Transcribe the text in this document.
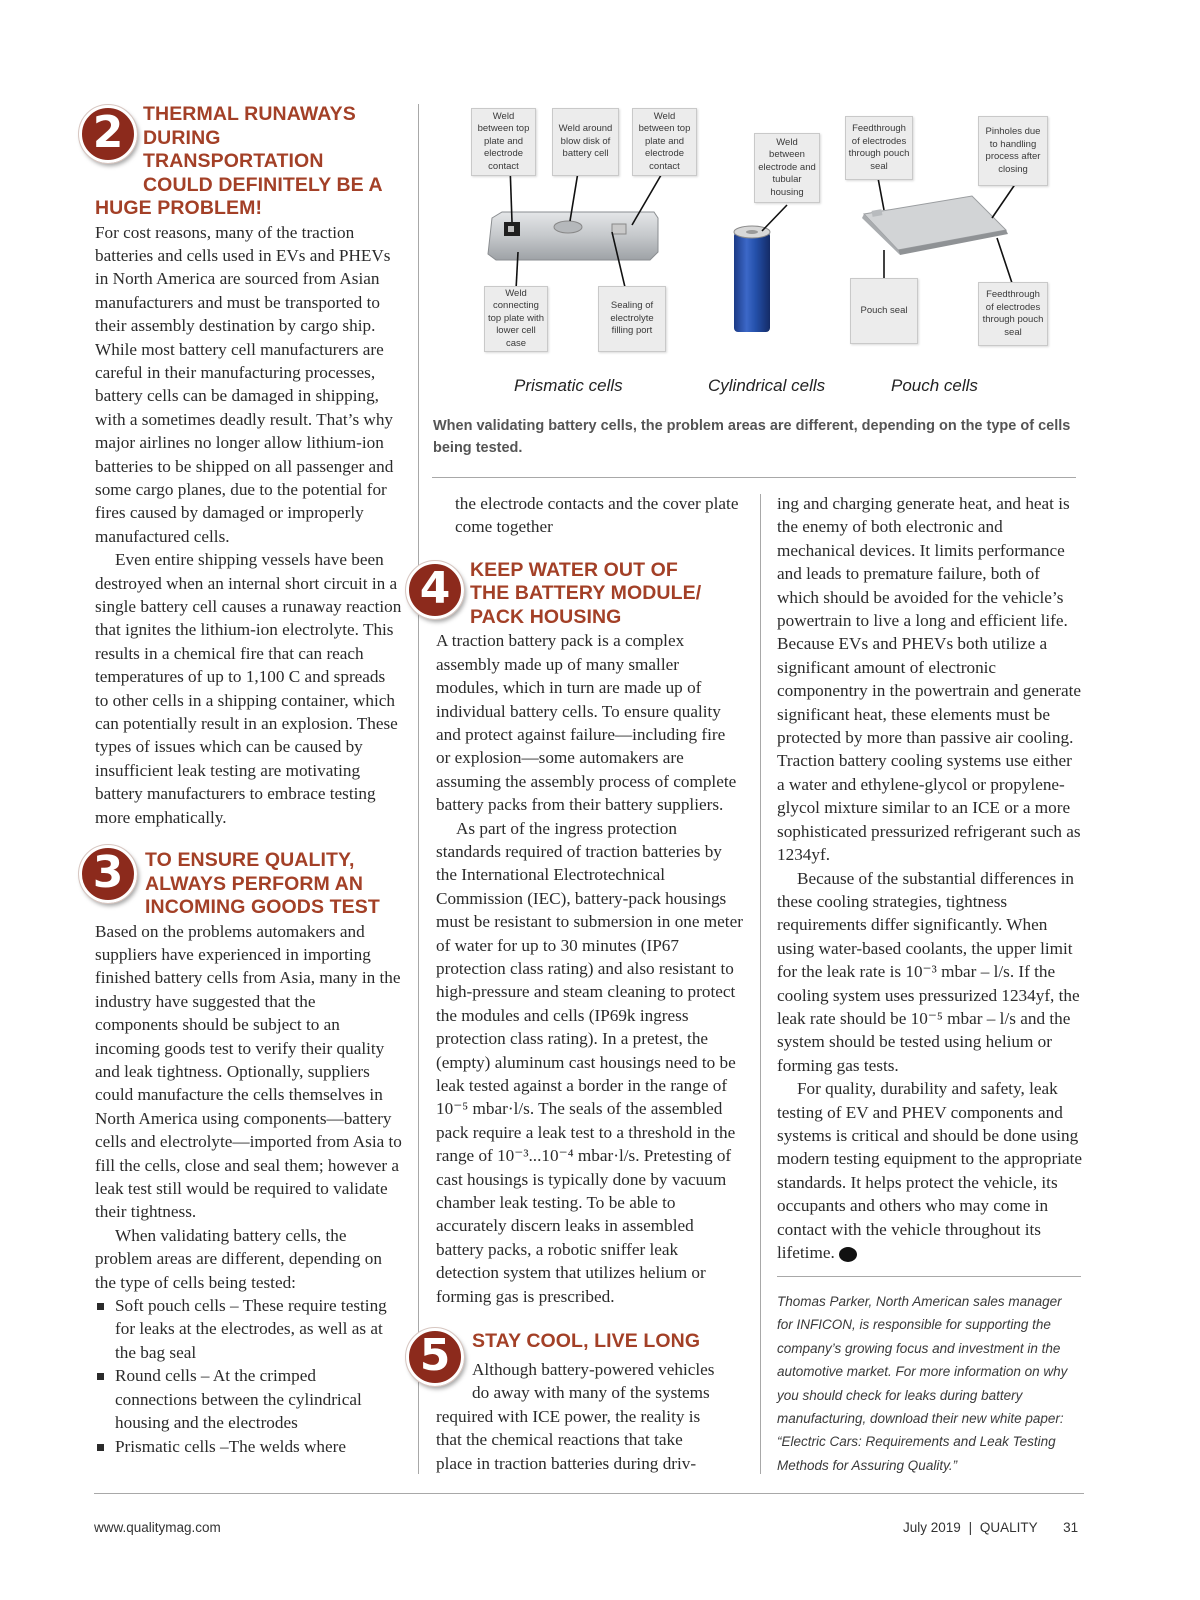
2	THERMAL RUNAWAYS
DURING TRANSPORTATION
COULD DEFINITELY BE A
HUGE PROBLEM!

For cost reasons, many of the traction batteries and cells used in EVs and PHEVs in North America are sourced from Asian manufacturers and must be transported to their assembly destination by cargo ship. While most battery cell manufacturers are careful in their manufacturing processes, battery cells can be damaged in shipping, with a sometimes deadly result. That’s why major airlines no longer allow lithium-ion batteries to be shipped on all passenger and some cargo planes, due to the potential for fires caused by damaged or improperly manufactured cells.

Even entire shipping vessels have been destroyed when an internal short circuit in a single battery cell causes a runaway reaction that ignites the lithium-ion electrolyte. This results in a chemical fire that can reach temperatures of up to 1,100 C and spreads to other cells in a shipping container, which can potentially result in an explosion. These types of issues which can be caused by insufficient leak testing are motivating battery manufacturers to embrace testing more emphatically.

3 TO ENSURE QUALITY,
ALWAYS PERFORM AN
INCOMING GOODS TEST

Based on the problems automakers and suppliers have experienced in importing finished battery cells from Asia, many in the industry have suggested that the components should be subject to an incoming goods test to verify their quality and leak tightness. Optionally, suppliers could manufacture the cells themselves in North America using components—battery cells and electrolyte—imported from Asia to fill the cells, close and seal them; however a leak test still would be required to validate their tightness.

When validating battery cells, the problem areas are different, depending on the type of cells being tested:

Soft pouch cells – These require testing for leaks at the electrodes, as well as at the bag seal
Round cells – At the crimped connections between the cylindrical housing and the electrodes
Prismatic cells –The welds where
Weld between top plate and electrode contact
Weld around blow disk of battery cell
Weld between top plate and electrode contact
Weld connecting top plate with lower cell case
Sealing of electrolyte filling port
Weld between electrode and tubular housing
Feedthrough of electrodes through pouch seal
Pinholes due to handling process after closing
Pouch seal
Feedthrough of electrodes through pouch seal
Prismatic cells	Cylindrical cells	Pouch cells
When validating battery cells, the problem areas are different, depending on the type of cells being tested.

the electrode contacts and the cover plate come together

4 KEEP WATER OUT OF
THE BATTERY MODULE/
PACK HOUSING

A traction battery pack is a complex assembly made up of many smaller modules, which in turn are made up of individual battery cells. To ensure quality and protect against failure—including fire or explosion—some automakers are assuming the assembly process of complete battery packs from their battery suppliers.

As part of the ingress protection standards required of traction batteries by the International Electrotechnical Commission (IEC), battery-pack housings must be resistant to submersion in one meter of water for up to 30 minutes (IP67 protection class rating) and also resistant to high-pressure and steam cleaning to protect the modules and cells (IP69k ingress protection class rating). In a pretest, the (empty) aluminum cast housings need to be leak tested against a border in the range of 10⁻⁵ mbar·l/s. The seals of the assembled pack require a leak test to a threshold in the range of 10⁻³...10⁻⁴ mbar·l/s. Pretesting of cast housings is typically done by vacuum chamber leak testing. To be able to accurately discern leaks in assembled battery packs, a robotic sniffer leak detection system that utilizes helium or forming gas is prescribed.

5 STAY COOL, LIVE LONG

Although battery-powered vehicles

do away with many of the systems

required with ICE power, the reality is

that the chemical reactions that take

place in traction batteries during driv-

ing and charging generate heat, and heat is the enemy of both electronic and mechanical devices. It limits performance and leads to premature failure, both of which should be avoided for the vehicle’s powertrain to live a long and efficient life. Because EVs and PHEVs both utilize a significant amount of electronic componentry in the powertrain and generate significant heat, these elements must be protected by more than passive air cooling. Traction battery cooling systems use either a water and ethylene-glycol or propylene-glycol mixture similar to an ICE or a more sophisticated pressurized refrigerant such as 1234yf.

Because of the substantial differences in these cooling strategies, tightness requirements differ significantly. When using water-based coolants, the upper limit for the leak rate is 10⁻³ mbar – l/s. If the cooling system uses pressurized 1234yf, the leak rate should be 10⁻⁵ mbar – l/s and the system should be tested using helium or forming gas tests.

For quality, durability and safety, leak testing of EV and PHEV components and systems is critical and should be done using modern testing equipment to the appropriate standards. It helps protect the vehicle, its occupants and others who may come in contact with the vehicle throughout its lifetime. Q

Thomas Parker, North American sales manager for INFICON, is responsible for supporting the company’s growing focus and investment in the automotive market. For more information on why you should check for leaks during battery manufacturing, download their new white paper: “Electric Cars: Requirements and Leak Testing Methods for Assuring Quality.”
www.qualitymag.com	July 2019 | QUALITY 31
